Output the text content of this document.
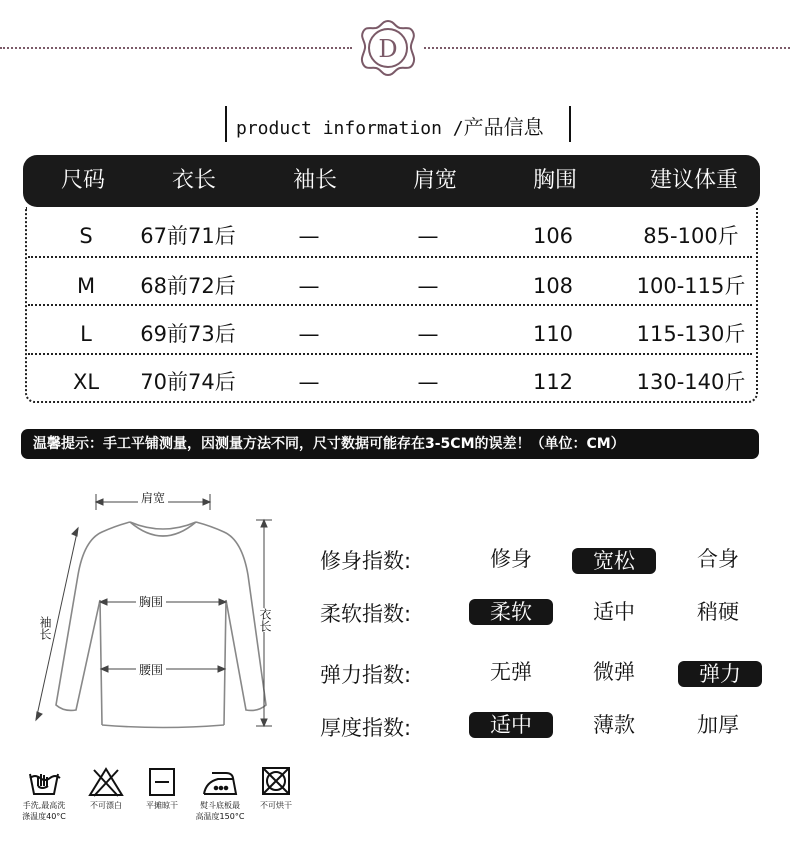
D
product information /产品信息
尺码	衣长	袖长	肩宽	胸围	建议体重
S	67前71后	—	—	106	85-100斤
M	68前72后	—	—	108	100-115斤
L	69前73后	—	—	110	115-130斤
XL	70前74后	—	—	112	130-140斤
温馨提示：手工平铺测量，因测量方法不同，尺寸数据可能存在3-5CM的误差！（单位：CM）
肩宽
胸围
腰围
衣长
袖长
修身指数:	修身	宽松	合身
柔软指数:	柔软	适中	稍硬
弹力指数:	无弹	微弹	弹力
厚度指数:	适中	薄款	加厚
手洗,最高洗
涤温度40°C
不可漂白	平摊晾干	熨斗底板最
高温度150°C
不可烘干
